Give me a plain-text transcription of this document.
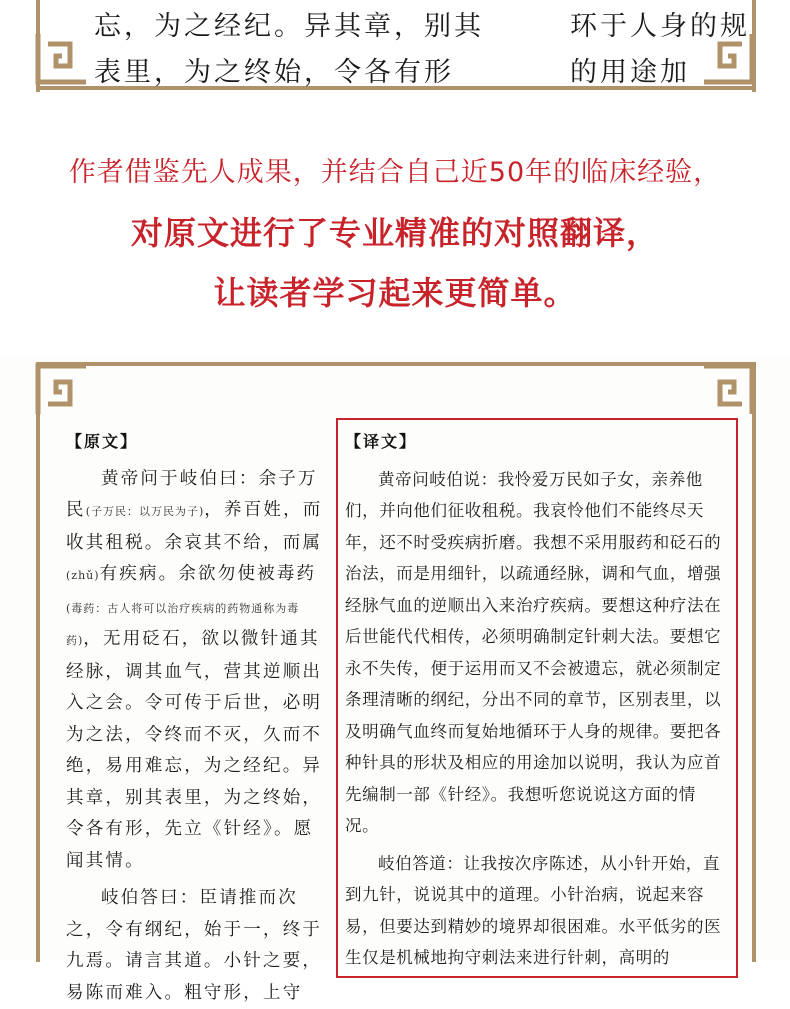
忘，为之经纪。异其章，别其
表里，为之终始，令各有形
环于人身的规
的用途加
作者借鉴先人成果，并结合自己近50年的临床经验，
对原文进行了专业精准的对照翻译，
让读者学习起来更简单。
【原文】

黄帝问于岐伯曰：余子万民(子万民：以万民为子)，养百姓，而收其租税。余哀其不给，而属(zhǔ)有疾病。余欲勿使被毒药(毒药：古人将可以治疗疾病的药物通称为毒药)，无用砭石，欲以微针通其经脉，调其血气，营其逆顺出入之会。令可传于后世，必明为之法，令终而不灭，久而不绝，易用难忘，为之经纪。异其章，别其表里，为之终始，令各有形，先立《针经》。愿闻其情。

岐伯答曰：臣请推而次之，令有纲纪，始于一，终于九焉。请言其道。小针之要，易陈而难入。粗守形，上守

【译文】

黄帝问岐伯说：我怜爱万民如子女，亲养他们，并向他们征收租税。我哀怜他们不能终尽天年，还不时受疾病折磨。我想不采用服药和砭石的治法，而是用细针，以疏通经脉，调和气血，增强经脉气血的逆顺出入来治疗疾病。要想这种疗法在后世能代代相传，必须明确制定针刺大法。要想它永不失传，便于运用而又不会被遗忘，就必须制定条理清晰的纲纪，分出不同的章节，区别表里，以及明确气血终而复始地循环于人身的规律。要把各种针具的形状及相应的用途加以说明，我认为应首先编制一部《针经》。我想听您说说这方面的情况。

岐伯答道：让我按次序陈述，从小针开始，直到九针，说说其中的道理。小针治病，说起来容易，但要达到精妙的境界却很困难。水平低劣的医生仅是机械地拘守刺法来进行针刺，高明的
